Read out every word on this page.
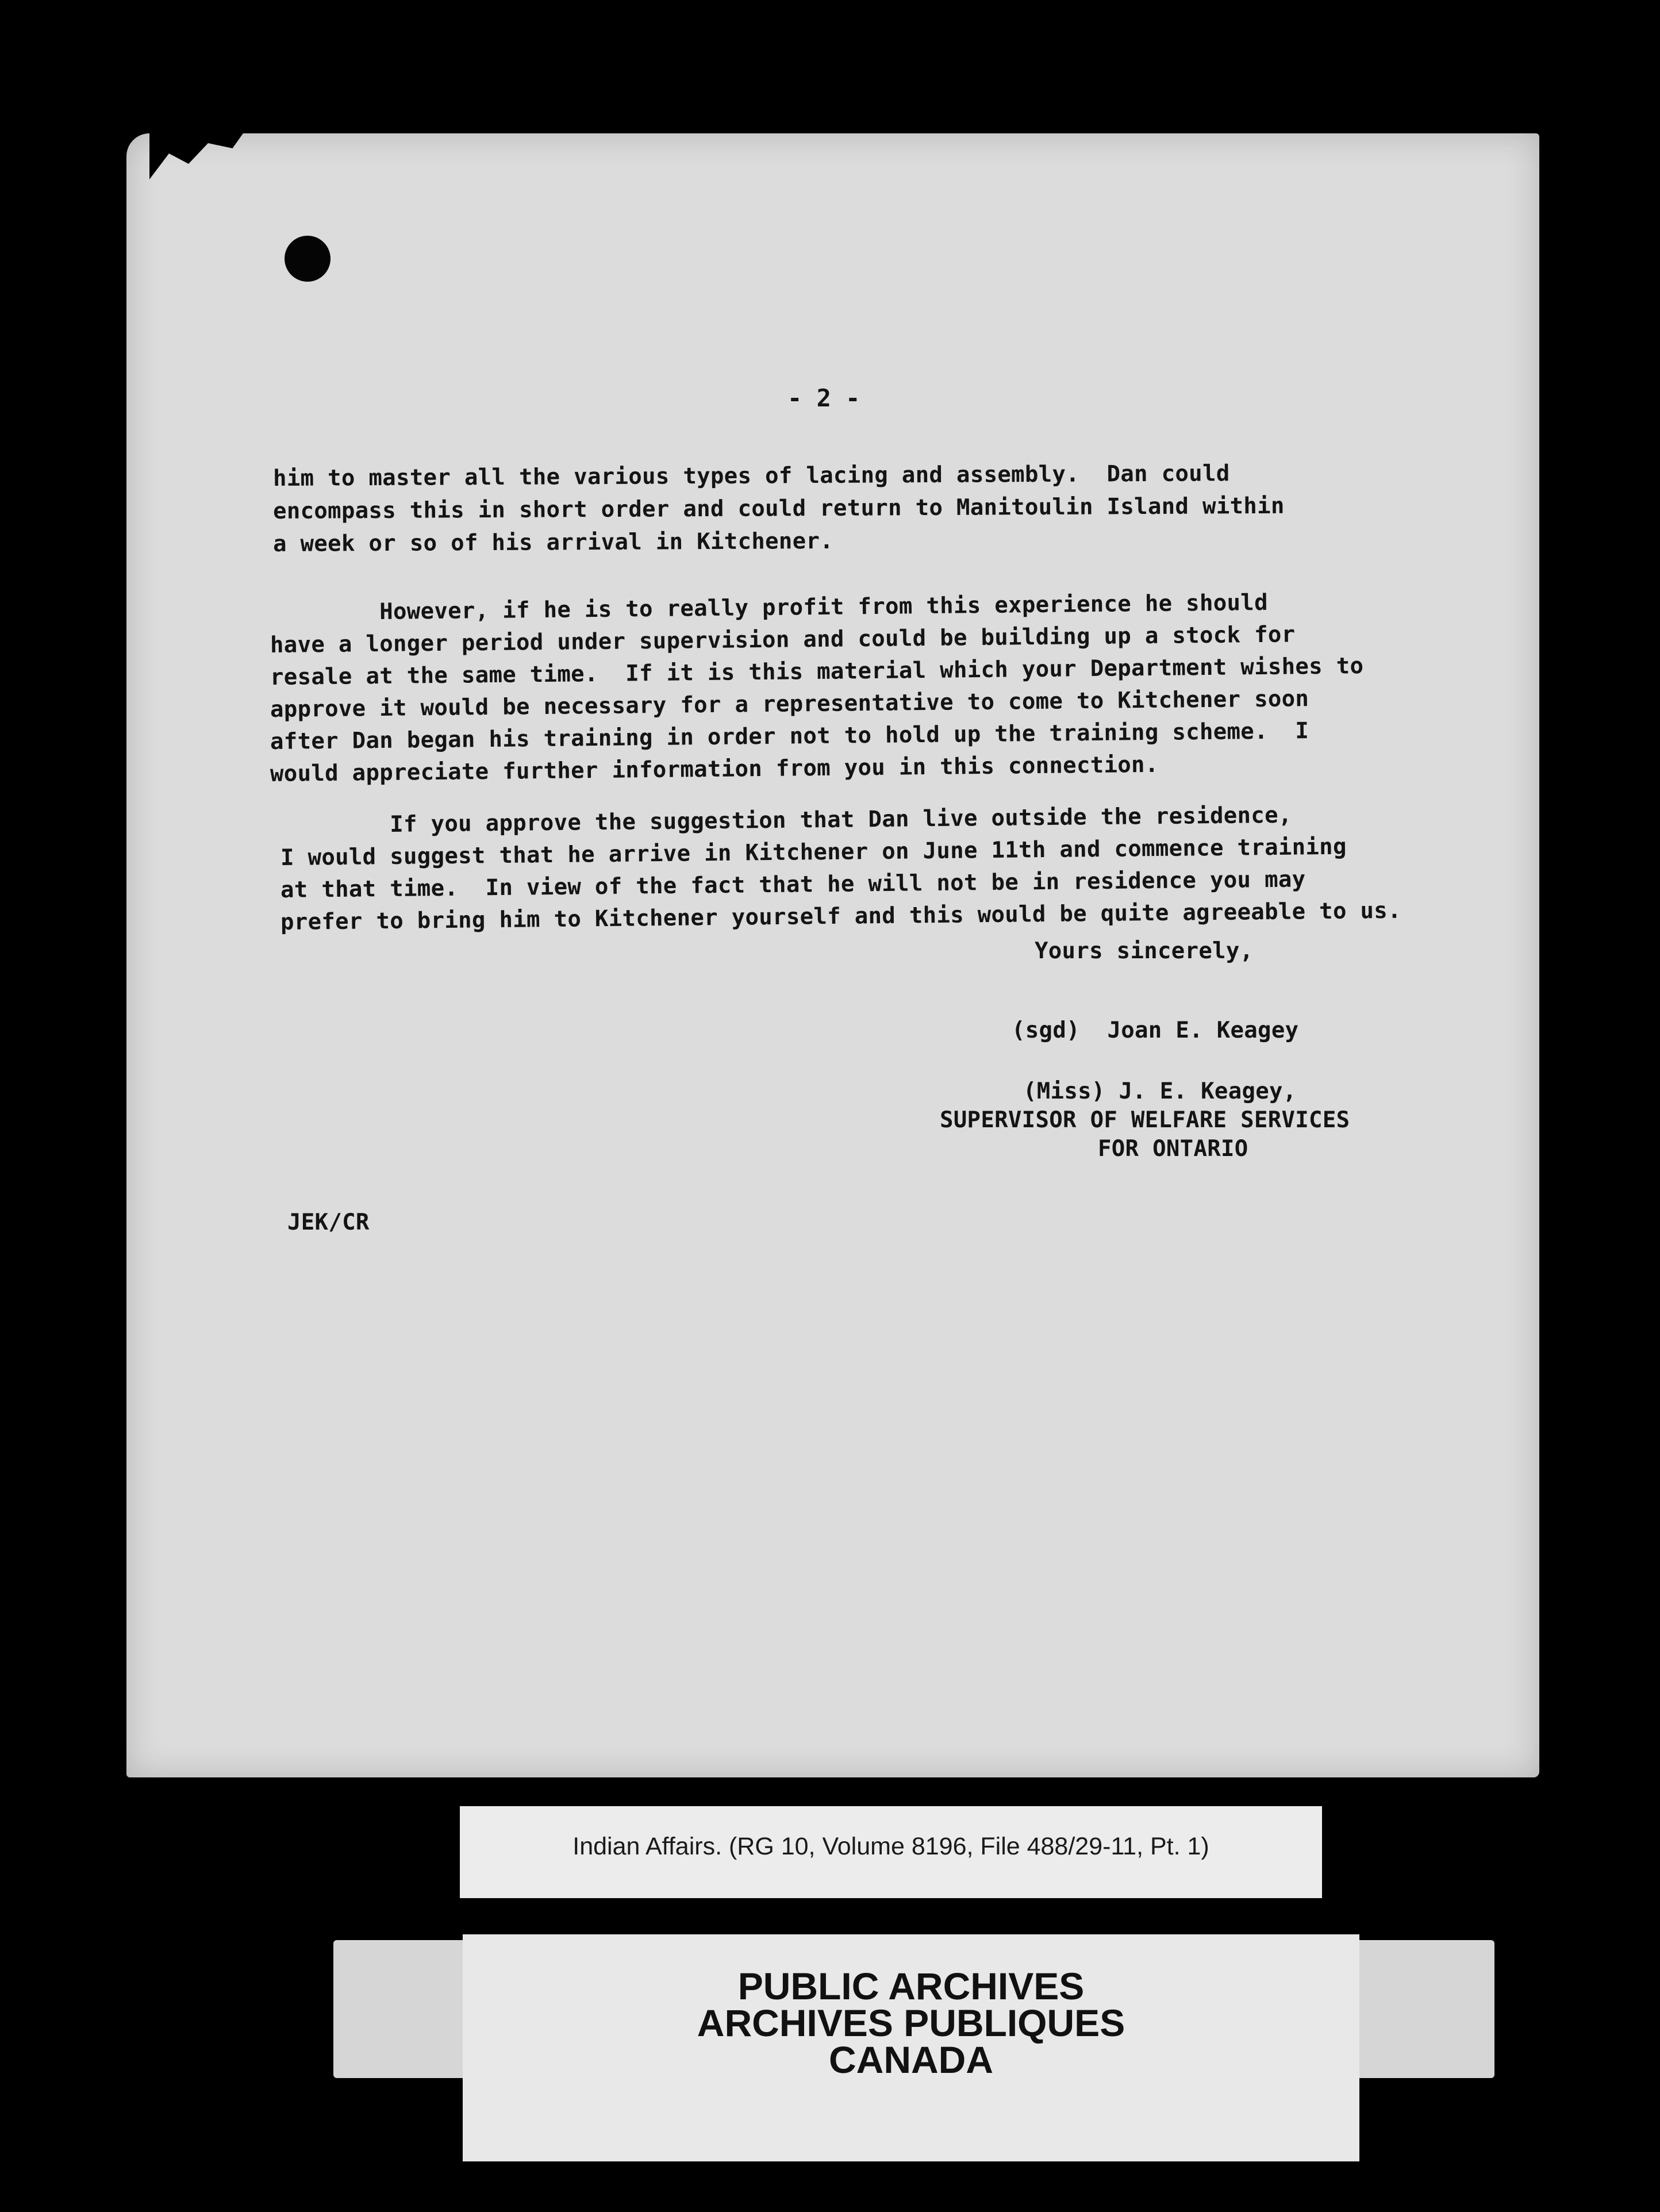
- 2 -
him to master all the various types of lacing and assembly.  Dan could
encompass this in short order and could return to Manitoulin Island within
a week or so of his arrival in Kitchener.
However, if he is to really profit from this experience he should
have a longer period under supervision and could be building up a stock for
resale at the same time.  If it is this material which your Department wishes to
approve it would be necessary for a representative to come to Kitchener soon
after Dan began his training in order not to hold up the training scheme.  I
would appreciate further information from you in this connection.
If you approve the suggestion that Dan live outside the residence,
I would suggest that he arrive in Kitchener on June 11th and commence training
at that time.  In view of the fact that he will not be in residence you may
prefer to bring him to Kitchener yourself and this would be quite agreeable to us.
Yours sincerely,
(sgd)  Joan E. Keagey
(Miss) J. E. Keagey,
SUPERVISOR OF WELFARE SERVICES
FOR ONTARIO
JEK/CR
Indian Affairs. (RG 10, Volume 8196, File 488/29-11, Pt. 1)
PUBLIC ARCHIVES
ARCHIVES PUBLIQUES
CANADA
